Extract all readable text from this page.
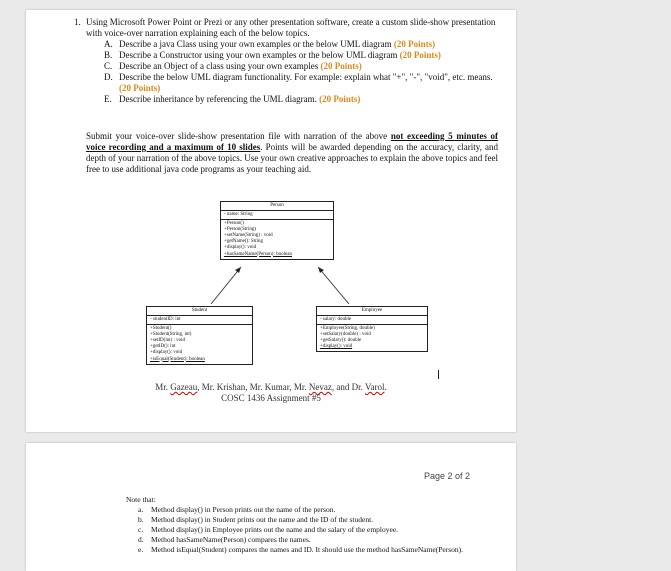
1. Using Microsoft Power Point or Prezi or any other presentation software, create a custom slide-show presentation with voice-over narration explaining each of the below topics.
A. Describe a java Class using your own examples or the below UML diagram (20 Points)
B. Describe a Constructor using your own examples or the below UML diagram (20 Points)
C. Describe an Object of a class using your own examples (20 Points)
D. Describe the below UML diagram functionality. For example: explain what "+", "-", "void", etc. means. (20 Points)
E. Describe inheritance by referencing the UML diagram. (20 Points)
Submit your voice-over slide-show presentation file with narration of the above not exceeding 5 minutes of voice recording and a maximum of 10 slides. Points will be awarded depending on the accuracy, clarity, and depth of your narration of the above topics. Use your own creative approaches to explain the above topics and feel free to use additional java code programs as your teaching aid.
Person
- name: String
+Person()
+Person(String)
+setName(String) : void
+getName(): String
+display(): void
+hasSameName(Person): boolean
Student
- studentID: int
+Student()
+Student(String, int)
+setID(int) : void
+getID(): int
+display(): void
+isEqual(Student): boolean
Employee
- salary: double
+Employee(String, double)
+setSalary(double) : void
+getSalary(): double
+display(): void
Mr. Gazeau, Mr. Krishan, Mr. Kumar, Mr. Nevaz, and Dr. Varol.
COSC 1436 Assignment #5
Page 2 of 2
Note that:
a.	Method display() in Person prints out the name of the person.
b. Method display() in Student prints out the name and the ID of the student.
c.	Method display() in Employee prints out the name and the salary of the employee.
d. Method hasSameName(Person) compares the names.
e.	Method isEqual(Student) compares the names and ID. It should use the method hasSameName(Person).
